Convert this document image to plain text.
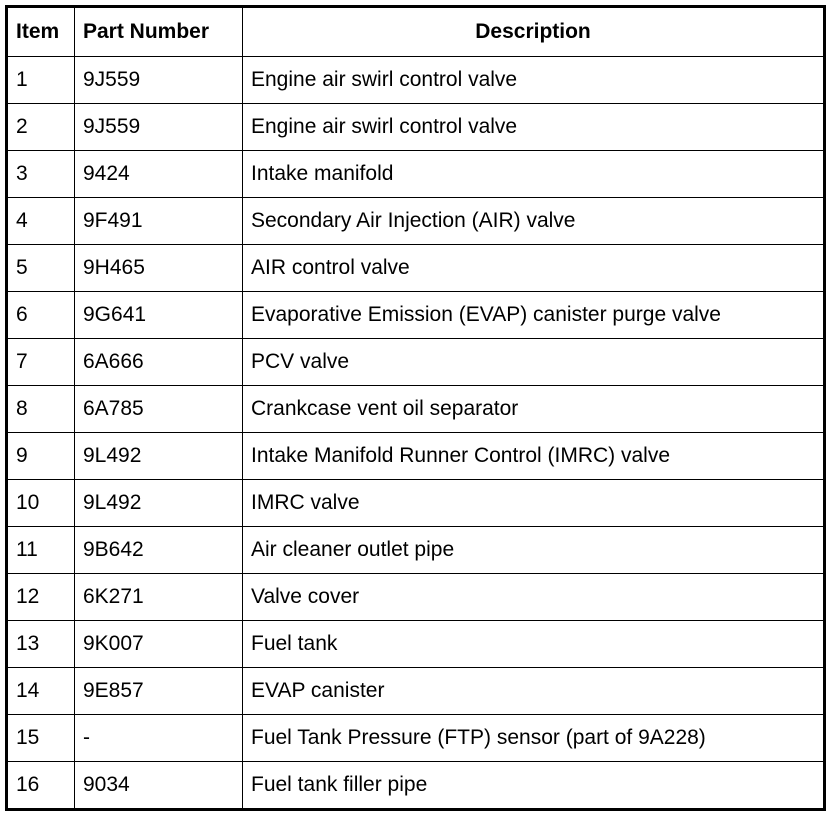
Item	Part Number	Description
1	9J559	Engine air swirl control valve
2	9J559	Engine air swirl control valve
3	9424	Intake manifold
4	9F491	Secondary Air Injection (AIR) valve
5	9H465	AIR control valve
6	9G641	Evaporative Emission (EVAP) canister purge valve
7	6A666	PCV valve
8	6A785	Crankcase vent oil separator
9	9L492	Intake Manifold Runner Control (IMRC) valve
10	9L492	IMRC valve
11	9B642	Air cleaner outlet pipe
12	6K271	Valve cover
13	9K007	Fuel tank
14	9E857	EVAP canister
15	-	Fuel Tank Pressure (FTP) sensor (part of 9A228)
16	9034	Fuel tank filler pipe
